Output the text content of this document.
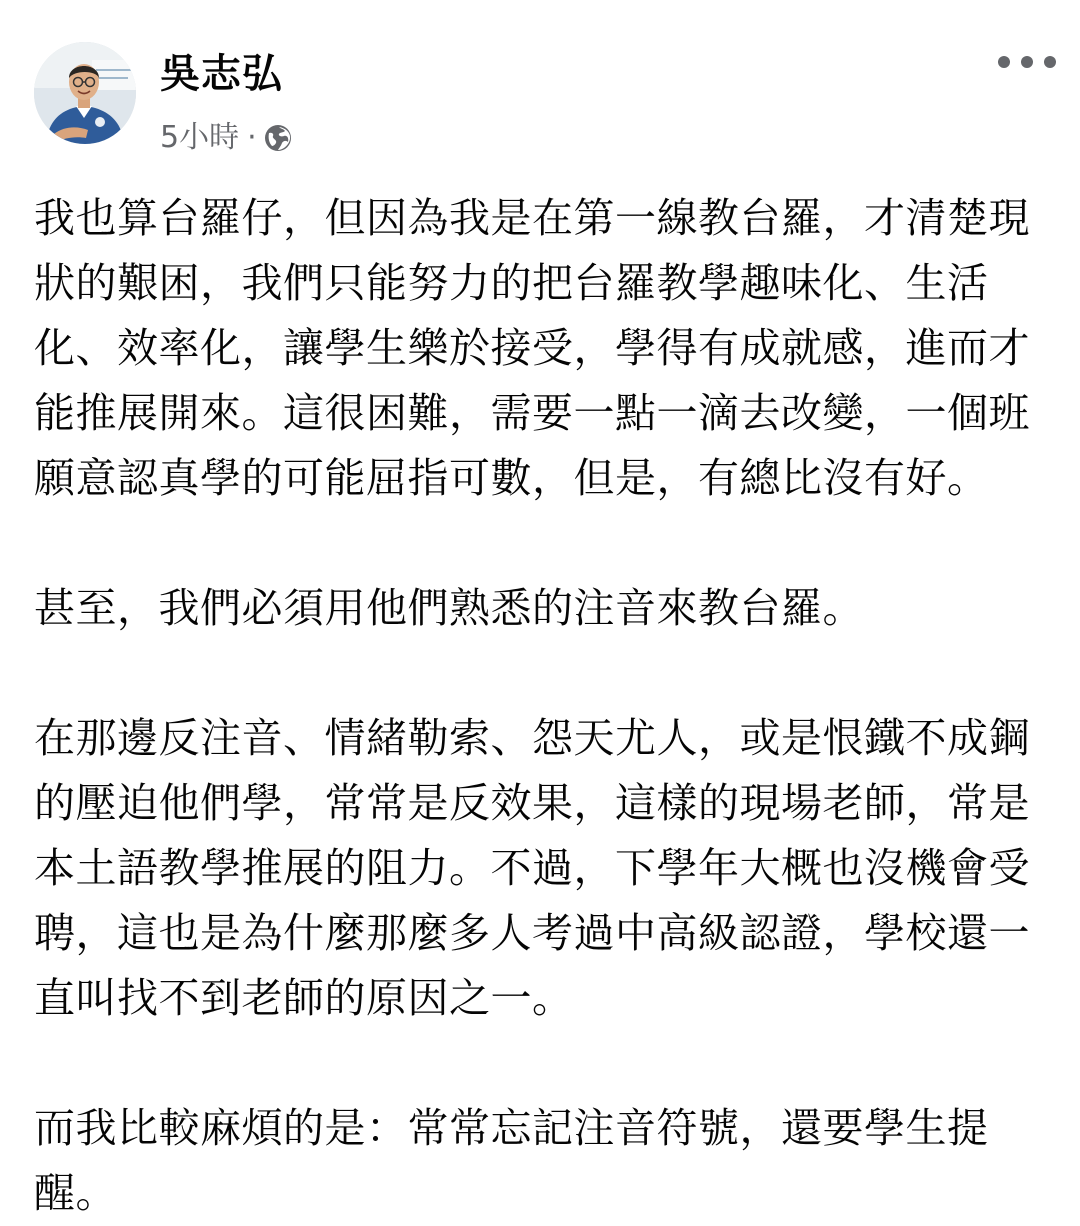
吳志弘
5小時 ·

我也算台羅仔，但因為我是在第一線教台羅，才清楚現狀的艱困，我們只能努力的把台羅教學趣味化、生活化、效率化，讓學生樂於接受，學得有成就感，進而才能推展開來。這很困難，需要一點一滴去改變，一個班願意認真學的可能屈指可數，但是，有總比沒有好。

甚至，我們必須用他們熟悉的注音來教台羅。

在那邊反注音、情緒勒索、怨天尤人，或是恨鐵不成鋼的壓迫他們學，常常是反效果，這樣的現場老師，常是本土語教學推展的阻力。不過，下學年大概也沒機會受聘，這也是為什麼那麼多人考過中高級認證，學校還一直叫找不到老師的原因之一。

而我比較麻煩的是：常常忘記注音符號，還要學生提醒。
